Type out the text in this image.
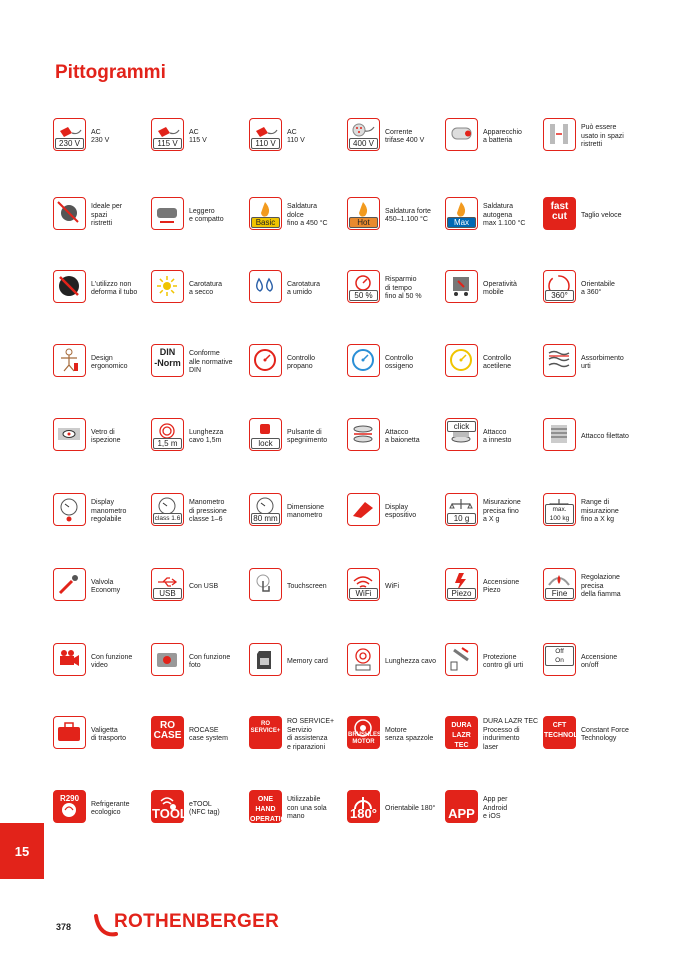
Pittogrammi
230 V
AC
230 V	115 V
AC
115 V	110 V
AC
110 V	400 V
Corrente
trifase 400 V
Apparecchio
a batteria
Può essere
usato in spazi
ristretti
Ideale per
spazi
ristretti
Leggero
e compatto	Basic
Saldatura
dolce
fino a 450 °C	Hot
Saldatura forte
450–1.100 °C	Max
Saldatura
autogena
max 1.100 °C
fast cut	Taglio veloce
L'utilizzo non
deforma il tubo
Carotatura
a secco
Carotatura
a umido	50 %
Risparmio
di tempo
fino al 50 %
Operatività
mobile	360°
Orientabile
a 360°
Design
ergonomico
DIN
-Norm
Conforme
alle normative
DIN
Controllo
propano
Controllo
ossigeno
Controllo
acetilene
Assorbimento
urti
Vetro di
ispezione	1,5 m
Lunghezza
cavo 1,5m	lock
Pulsante di
spegnimento
Attacco
a baionetta
click
Attacco
a innesto
Attacco filettato
Display
manometro
regolabile	class 1.6
Manometro
di pressione
classe 1–6	80 mm
Dimensione
manometro
Display
espositivo	10 g
Misurazione
precisa fino
a X g
max.
100 kg
Range di
misurazione
fino a X kg
Valvola
Economy	USB
Con USB	Touchscreen
WiFi
WiFi
Piezo
Accensione
Piezo	Fine
Regolazione
precisa
della fiamma
Con funzione
video
Con funzione
foto
Memory card	Lunghezza cavo
Protezione
contro gli urti
Off
On	Accensione
on/off
Valigetta
di trasporto
RO
CASE ROCASE
case system
RO
SERVICE+
RO SERVICE+
Servizio
di assistenza
e riparazioni
BRUSHLESS
MOTOR
Motore
senza spazzole
DURA
LAZR
TEC
DURA LAZR TEC
Processo di
indurimento
laser
CFT
TECHNOLOGY
Constant Force
Technology
R290
Refrigerante
ecologico	TOOL
eTOOL
(NFC tag)
ONE
HAND
OPERATION
Utilizzabile
con una sola
mano	180° Orientabile 180° APP
App per
Android
e iOS
15
378 ROTHENBERGER
